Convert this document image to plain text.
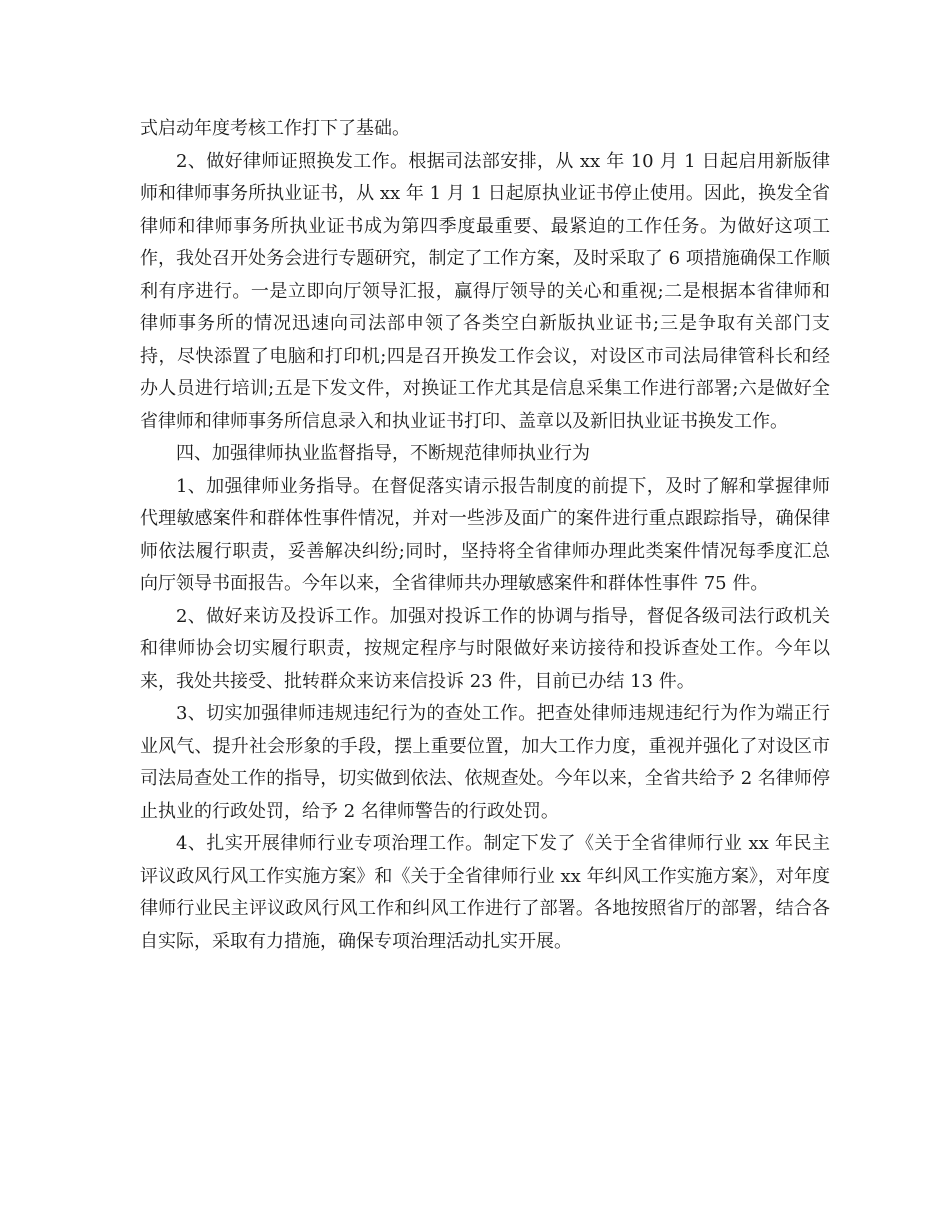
式启动年度考核工作打下了基础。

2、做好律师证照换发工作。根据司法部安排，从 xx 年 10 月 1 日起启用新版律师和律师事务所执业证书，从 xx 年 1 月 1 日起原执业证书停止使用。因此，换发全省律师和律师事务所执业证书成为第四季度最重要、最紧迫的工作任务。为做好这项工作，我处召开处务会进行专题研究，制定了工作方案，及时采取了 6 项措施确保工作顺利有序进行。一是立即向厅领导汇报，赢得厅领导的关心和重视;二是根据本省律师和律师事务所的情况迅速向司法部申领了各类空白新版执业证书;三是争取有关部门支持，尽快添置了电脑和打印机;四是召开换发工作会议，对设区市司法局律管科长和经办人员进行培训;五是下发文件，对换证工作尤其是信息采集工作进行部署;六是做好全省律师和律师事务所信息录入和执业证书打印、盖章以及新旧执业证书换发工作。

四、加强律师执业监督指导，不断规范律师执业行为

1、加强律师业务指导。在督促落实请示报告制度的前提下，及时了解和掌握律师代理敏感案件和群体性事件情况，并对一些涉及面广的案件进行重点跟踪指导，确保律师依法履行职责，妥善解决纠纷;同时，坚持将全省律师办理此类案件情况每季度汇总向厅领导书面报告。今年以来，全省律师共办理敏感案件和群体性事件 75 件。

2、做好来访及投诉工作。加强对投诉工作的协调与指导，督促各级司法行政机关和律师协会切实履行职责，按规定程序与时限做好来访接待和投诉查处工作。今年以来，我处共接受、批转群众来访来信投诉 23 件，目前已办结 13 件。

3、切实加强律师违规违纪行为的查处工作。把查处律师违规违纪行为作为端正行业风气、提升社会形象的手段，摆上重要位置，加大工作力度，重视并强化了对设区市司法局查处工作的指导，切实做到依法、依规查处。今年以来，全省共给予 2 名律师停止执业的行政处罚，给予 2 名律师警告的行政处罚。

4、扎实开展律师行业专项治理工作。制定下发了《关于全省律师行业 xx 年民主评议政风行风工作实施方案》和《关于全省律师行业 xx 年纠风工作实施方案》，对年度律师行业民主评议政风行风工作和纠风工作进行了部署。各地按照省厅的部署，结合各自实际，采取有力措施，确保专项治理活动扎实开展。
